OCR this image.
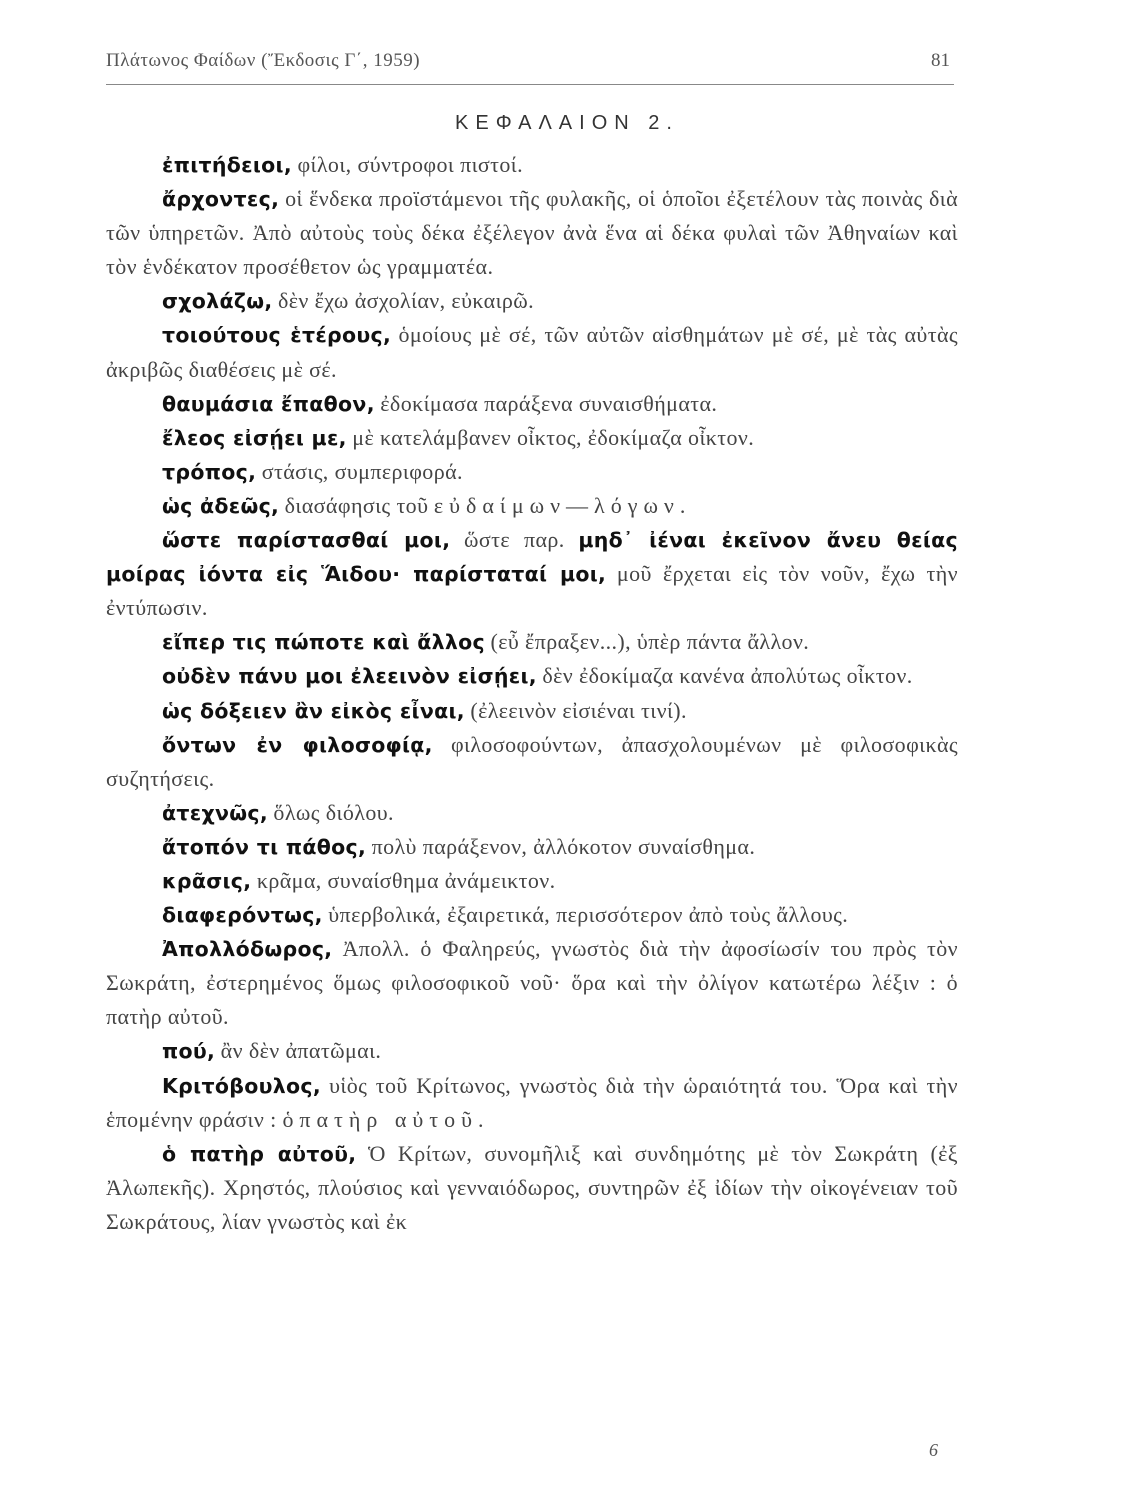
Πλάτωνος Φαίδων (Ἔκδοσις Γ΄, 1959)	81
ΚΕΦΑΛΑΙΟΝ 2.

ἐπιτήδειοι, φίλοι, σύντροφοι πιστοί.

ἄρχοντες, οἱ ἕνδεκα προϊστάμενοι τῆς φυλακῆς, οἱ ὁποῖοι ἐξετέλουν τὰς ποινὰς διὰ τῶν ὑπηρετῶν. Ἀπὸ αὐτοὺς τοὺς δέκα ἐξέλεγον ἀνὰ ἕνα αἱ δέκα φυλαὶ τῶν Ἀθηναίων καὶ τὸν ἑνδέκατον προσέθετον ὡς γραμματέα.

σχολάζω, δὲν ἔχω ἀσχολίαν, εὐκαιρῶ.

τοιούτους ἑτέρους, ὁμοίους μὲ σέ, τῶν αὐτῶν αἰσθημάτων μὲ σέ, μὲ τὰς αὐτὰς ἀκριβῶς διαθέσεις μὲ σέ.

θαυμάσια ἔπαθον, ἐδοκίμασα παράξενα συναισθήματα.

ἔλεος εἰσῄει με, μὲ κατελάμβανεν οἶκτος, ἐδοκίμαζα οἶκτον.

τρόπος, στάσις, συμπεριφορά.

ὡς ἀδεῶς, διασάφησις τοῦ εὐδαίμων—λόγων.

ὥστε παρίστασθαί μοι, ὥστε παρ. μηδ᾿ ἰέναι ἐκεῖνον ἄνευ θείας μοίρας ἰόντα εἰς Ἅιδου· παρίσταταί μοι, μοῦ ἔρχεται εἰς τὸν νοῦν, ἔχω τὴν ἐντύπωσιν.

εἴπερ τις πώποτε καὶ ἄλλος (εὖ ἔπραξεν...), ὑπὲρ πάντα ἄλλον.

οὐδὲν πάνυ μοι ἐλεεινὸν εἰσῄει, δὲν ἐδοκίμαζα κανένα ἀπολύτως οἶκτον.

ὡς δόξειεν ἂν εἰκὸς εἶναι, (ἐλεεινὸν εἰσιέναι τινί).

ὄντων ἐν φιλοσοφίᾳ, φιλοσοφούντων, ἀπασχολουμένων μὲ φιλοσοφικὰς συζητήσεις.

ἀτεχνῶς, ὅλως διόλου.

ἄτοπόν τι πάθος, πολὺ παράξενον, ἀλλόκοτον συναίσθημα.

κρᾶσις, κρᾶμα, συναίσθημα ἀνάμεικτον.

διαφερόντως, ὑπερβολικά, ἐξαιρετικά, περισσότερον ἀπὸ τοὺς ἄλλους.

Ἀπολλόδωρος, Ἀπολλ. ὁ Φαληρεύς, γνωστὸς διὰ τὴν ἀφοσίωσίν του πρὸς τὸν Σωκράτη, ἐστερημένος ὅμως φιλοσοφικοῦ νοῦ· ὅρα καὶ τὴν ὀλίγον κατωτέρω λέξιν : ὁ πατὴρ αὐτοῦ.

πού, ἂν δὲν ἀπατῶμαι.

Κριτόβουλος, υἱὸς τοῦ Κρίτωνος, γνωστὸς διὰ τὴν ὡραιότητά του. Ὅρα καὶ τὴν ἑπομένην φράσιν : ὁ πατὴρ αὐτοῦ.

ὁ πατὴρ αὐτοῦ, Ὁ Κρίτων, συνομῆλιξ καὶ συνδημότης μὲ τὸν Σωκράτη (ἐξ Ἀλωπεκῆς). Χρηστός, πλούσιος καὶ γενναιόδωρος, συντηρῶν ἐξ ἰδίων τὴν οἰκογένειαν τοῦ Σωκράτους, λίαν γνωστὸς καὶ ἐκ

6
